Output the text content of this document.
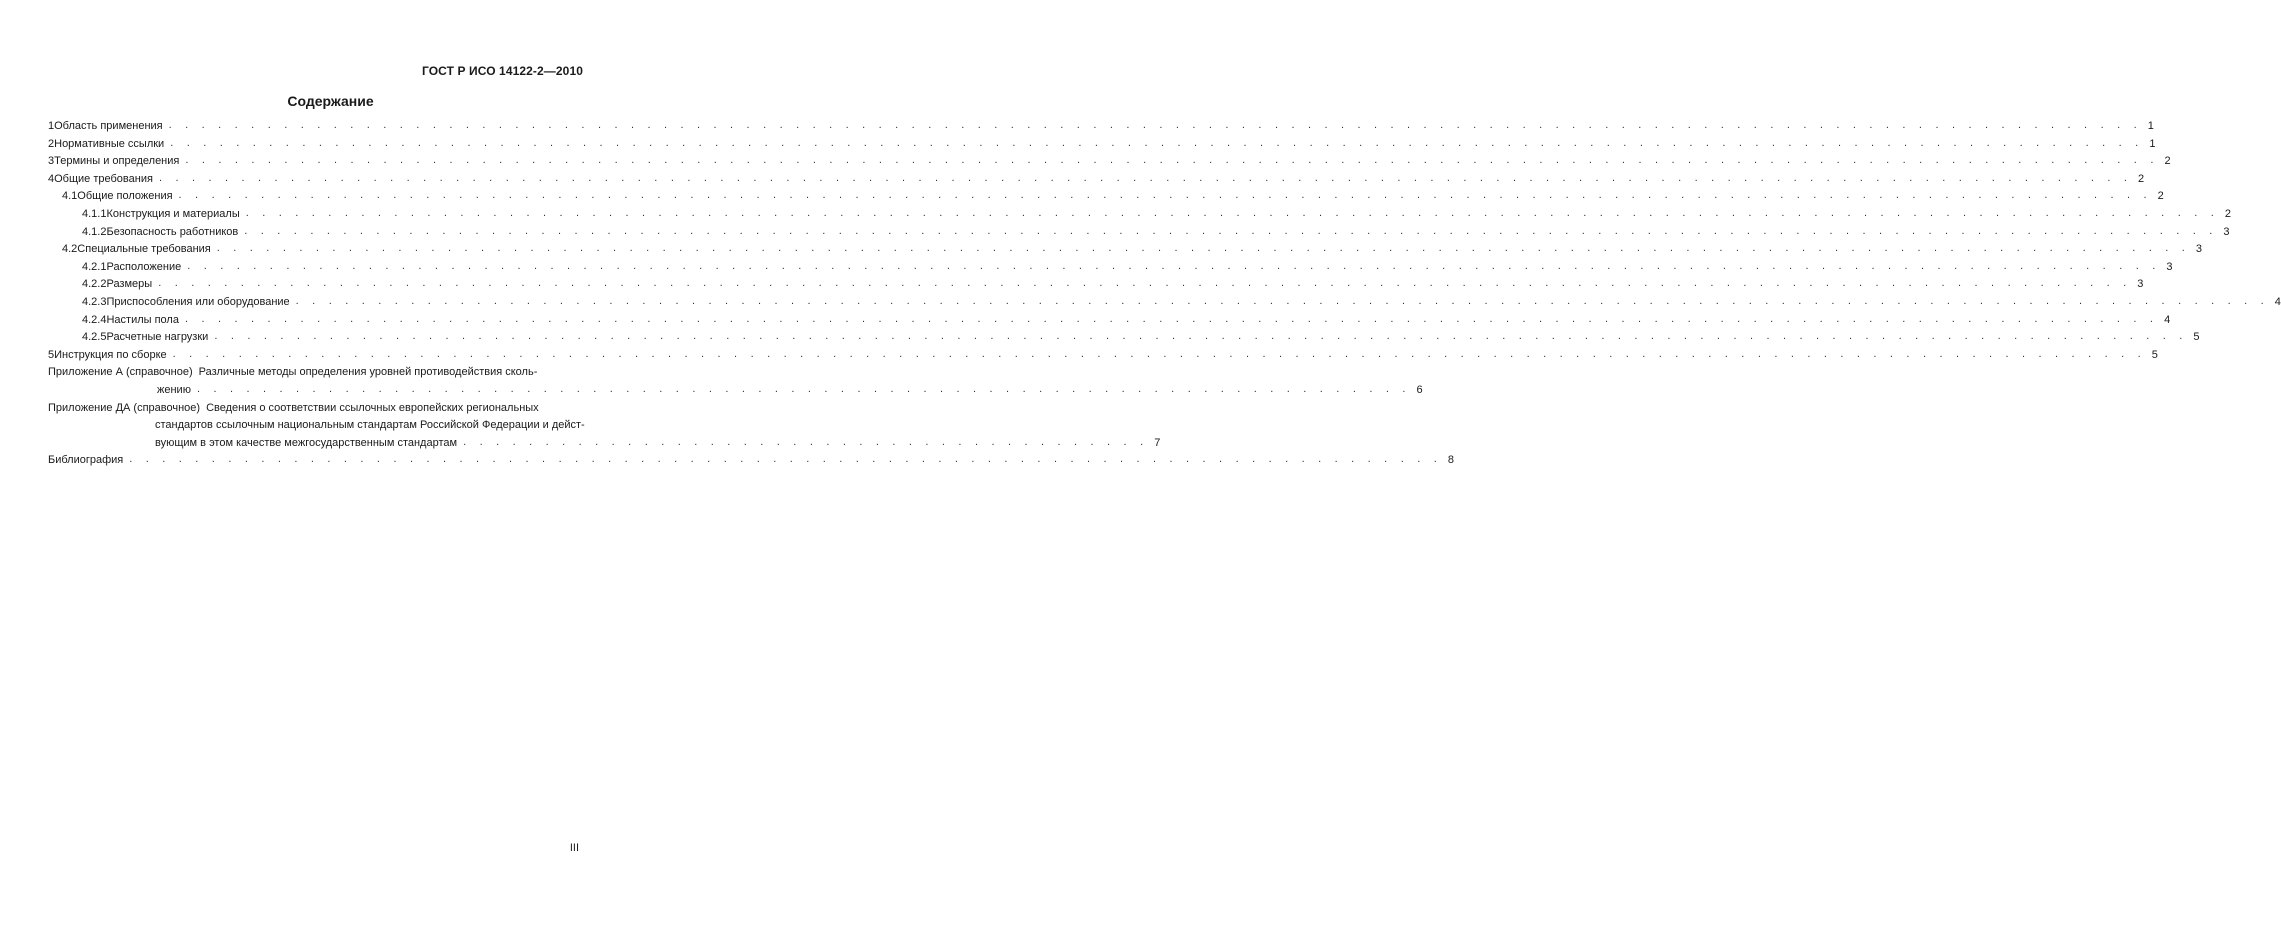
ГОСТ Р ИСО 14122-2—2010
Содержание
1 Область применения . . . . . . . . . . . . . . . . . . . . . . . . . . . . . . . . . . . . . . . . . . . . . . . . . . . . . . . . . . . . . . . . . . . . . . . . . . . . . . . . . . . . . . . . . . . . . . . . . . . . . . . . . . . . . . . . . . . . . . . . 1
2 Нормативные ссылки . . . . . . . . . . . . . . . . . . . . . . . . . . . . . . . . . . . . . . . . . . . . . . . . . . . . . . . . . . . . . . . . . . . . . . . . . . . . . . . . . . . . . . . . . . . . . . . . . . . . . . . . . . . . . . . . . . . . . . . . 1
3 Термины и определения . . . . . . . . . . . . . . . . . . . . . . . . . . . . . . . . . . . . . . . . . . . . . . . . . . . . . . . . . . . . . . . . . . . . . . . . . . . . . . . . . . . . . . . . . . . . . . . . . . . . . . . . . . . . . . . . . . . . . . . . 2
4 Общие требования . . . . . . . . . . . . . . . . . . . . . . . . . . . . . . . . . . . . . . . . . . . . . . . . . . . . . . . . . . . . . . . . . . . . . . . . . . . . . . . . . . . . . . . . . . . . . . . . . . . . . . . . . . . . . . . . . . . . . . . . 2
4.1 Общие положения . . . . . . . . . . . . . . . . . . . . . . . . . . . . . . . . . . . . . . . . . . . . . . . . . . . . . . . . . . . . . . . . . . . . . . . . . . . . . . . . . . . . . . . . . . . . . . . . . . . . . . . . . . . . . . . . . . . . . . . . 2
4.1.1 Конструкция и материалы . . . . . . . . . . . . . . . . . . . . . . . . . . . . . . . . . . . . . . . . . . . . . . . . . . . . . . . . . . . . . . . . . . . . . . . . . . . . . . . . . . . . . . . . . . . . . . . . . . . . . . . . . . . . . . . . . . . . . . . . 2
4.1.2 Безопасность работников . . . . . . . . . . . . . . . . . . . . . . . . . . . . . . . . . . . . . . . . . . . . . . . . . . . . . . . . . . . . . . . . . . . . . . . . . . . . . . . . . . . . . . . . . . . . . . . . . . . . . . . . . . . . . . . . . . . . . . . . 3
4.2 Специальные требования . . . . . . . . . . . . . . . . . . . . . . . . . . . . . . . . . . . . . . . . . . . . . . . . . . . . . . . . . . . . . . . . . . . . . . . . . . . . . . . . . . . . . . . . . . . . . . . . . . . . . . . . . . . . . . . . . . . . . . . . 3
4.2.1 Расположение . . . . . . . . . . . . . . . . . . . . . . . . . . . . . . . . . . . . . . . . . . . . . . . . . . . . . . . . . . . . . . . . . . . . . . . . . . . . . . . . . . . . . . . . . . . . . . . . . . . . . . . . . . . . . . . . . . . . . . . . 3
4.2.2 Размеры . . . . . . . . . . . . . . . . . . . . . . . . . . . . . . . . . . . . . . . . . . . . . . . . . . . . . . . . . . . . . . . . . . . . . . . . . . . . . . . . . . . . . . . . . . . . . . . . . . . . . . . . . . . . . . . . . . . . . . . . 3
4.2.3 Приспособления или оборудование . . . . . . . . . . . . . . . . . . . . . . . . . . . . . . . . . . . . . . . . . . . . . . . . . . . . . . . . . . . . . . . . . . . . . . . . . . . . . . . . . . . . . . . . . . . . . . . . . . . . . . . . . . . . . . . . . . . . . . . . 4
4.2.4 Настилы пола . . . . . . . . . . . . . . . . . . . . . . . . . . . . . . . . . . . . . . . . . . . . . . . . . . . . . . . . . . . . . . . . . . . . . . . . . . . . . . . . . . . . . . . . . . . . . . . . . . . . . . . . . . . . . . . . . . . . . . . . 4
4.2.5 Расчетные нагрузки . . . . . . . . . . . . . . . . . . . . . . . . . . . . . . . . . . . . . . . . . . . . . . . . . . . . . . . . . . . . . . . . . . . . . . . . . . . . . . . . . . . . . . . . . . . . . . . . . . . . . . . . . . . . . . . . . . . . . . . . 5
5 Инструкция по сборке . . . . . . . . . . . . . . . . . . . . . . . . . . . . . . . . . . . . . . . . . . . . . . . . . . . . . . . . . . . . . . . . . . . . . . . . . . . . . . . . . . . . . . . . . . . . . . . . . . . . . . . . . . . . . . . . . . . . . . . . 5
Приложение А (справочное) Различные методы определения уровней противодействия сколь-
жению . . . . . . . . . . . . . . . . . . . . . . . . . . . . . . . . . . . . . . . . . . . . . . . . . . . . . . . . . . . . . . . . . . . . . . . . . . 6
Приложение ДА (справочное) Сведения о соответствии ссылочных европейских региональных
стандартов ссылочным национальным стандартам Российской Федерации и дейст-
вующим в этом качестве межгосударственным стандартам . . . . . . . . . . . . . . . . . . . . . . . . . . . . . . . . . . . . . . . . . . 7
Библиография . . . . . . . . . . . . . . . . . . . . . . . . . . . . . . . . . . . . . . . . . . . . . . . . . . . . . . . . . . . . . . . . . . . . . . . . . . . . . . . . 8
III
